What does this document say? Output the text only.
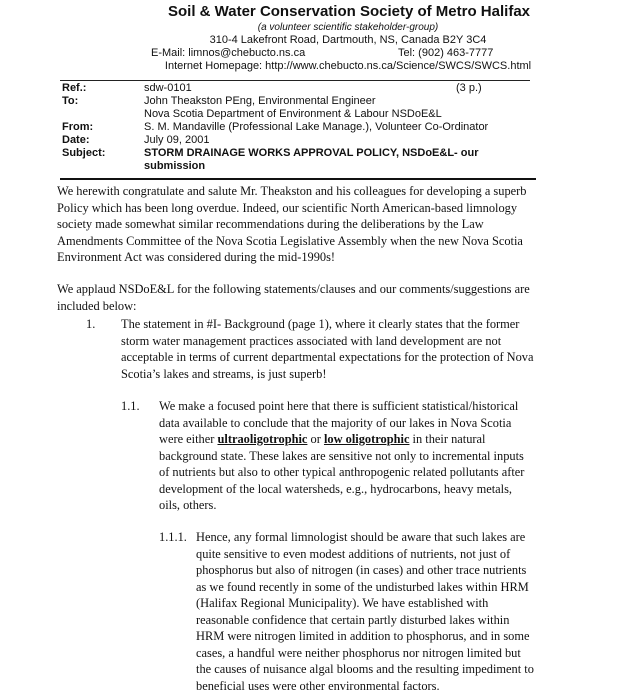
Soil & Water Conservation Society of Metro Halifax
(a volunteer scientific stakeholder-group)
310-4 Lakefront Road, Dartmouth, NS, Canada B2Y 3C4
E-Mail: limnos@chebucto.ns.ca	Tel: (902) 463-7777
Internet Homepage: http://www.chebucto.ns.ca/Science/SWCS/SWCS.html
Ref.:	sdw-0101	(3 p.)
To:	John Theakston PEng, Environmental Engineer
Nova Scotia Department of Environment & Labour NSDoE&L
From:	S. M. Mandaville (Professional Lake Manage.), Volunteer Co-Ordinator
Date:	July 09, 2001
Subject:	STORM DRAINAGE WORKS APPROVAL POLICY, NSDoE&L- our submission
We herewith congratulate and salute Mr. Theakston and his colleagues for developing a superb Policy which has been long overdue. Indeed, our scientific North American-based limnology society made somewhat similar recommendations during the deliberations by the Law Amendments Committee of the Nova Scotia Legislative Assembly when the new Nova Scotia Environment Act was considered during the mid-1990s!
We applaud NSDoE&L for the following statements/clauses and our comments/suggestions are included below:
1. The statement in #I- Background (page 1), where it clearly states that the former storm water management practices associated with land development are not acceptable in terms of current departmental expectations for the protection of Nova Scotia’s lakes and streams, is just superb!
1.1. We make a focused point here that there is sufficient statistical/historical data available to conclude that the majority of our lakes in Nova Scotia were either ultraoligotrophic or low oligotrophic in their natural background state. These lakes are sensitive not only to incremental inputs of nutrients but also to other typical anthropogenic related pollutants after development of the local watersheds, e.g., hydrocarbons, heavy metals, oils, others.
1.1.1. Hence, any formal limnologist should be aware that such lakes are quite sensitive to even modest additions of nutrients, not just of phosphorus but also of nitrogen (in cases) and other trace nutrients as we found recently in some of the undisturbed lakes within HRM (Halifax Regional Municipality). We have established with reasonable confidence that certain partly disturbed lakes within HRM were nitrogen limited in addition to phosphorus, and in some cases, a handful were neither phosphorus nor nitrogen limited but the causes of nuisance algal blooms and the resulting impediment to beneficial uses were other environmental factors.
